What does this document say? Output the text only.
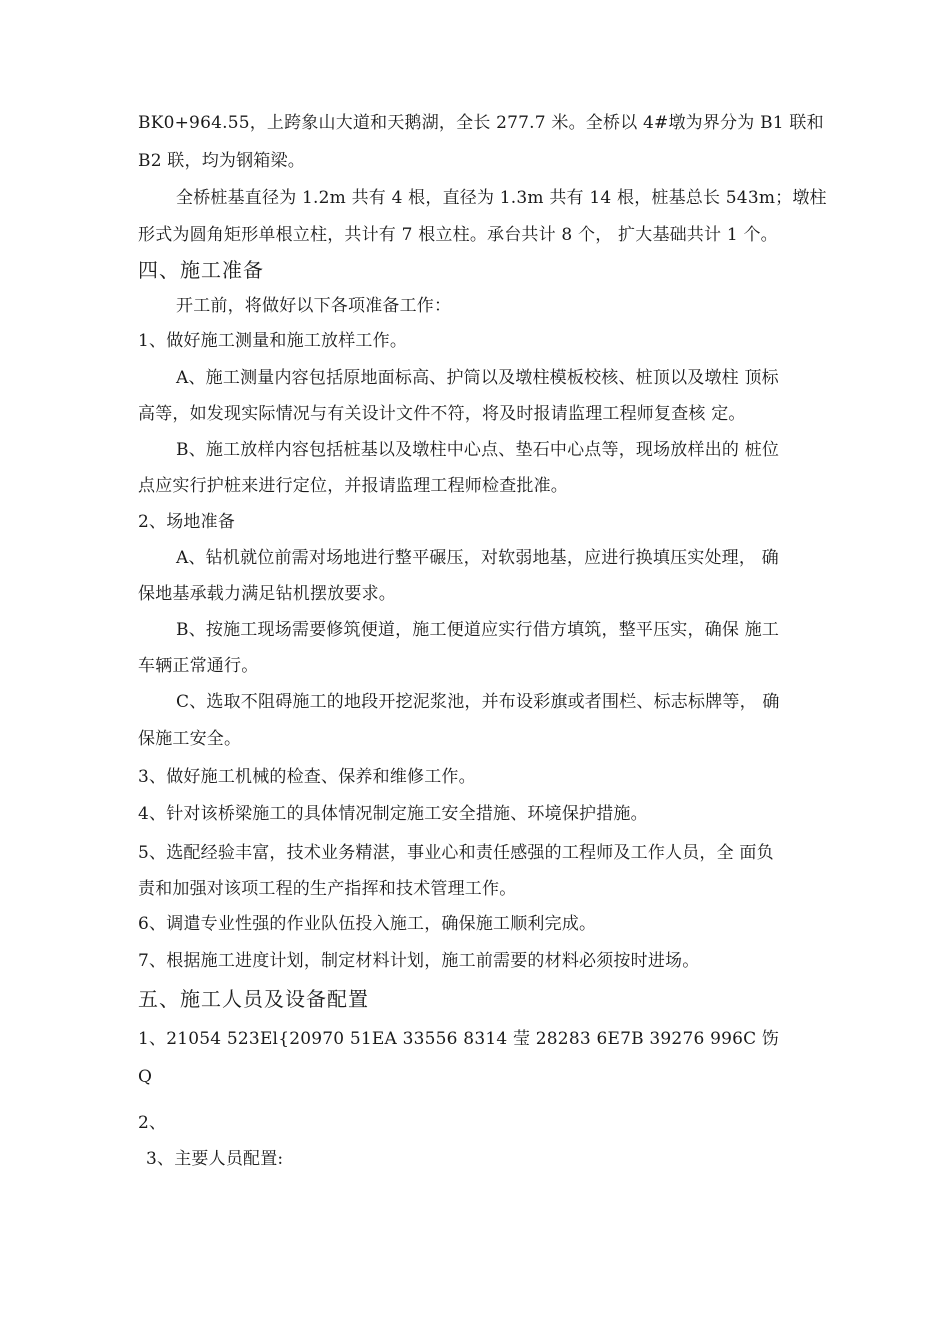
BK0+964.55，上跨象山大道和天鹅湖，全长 277.7 米。全桥以 4#墩为界分为 B1 联和
B2 联，均为钢箱梁。
全桥桩基直径为 1.2m 共有 4 根，直径为 1.3m 共有 14 根，桩基总长 543m；墩柱
形式为圆角矩形单根立柱，共计有 7 根立柱。承台共计 8 个， 扩大基础共计 1 个。
四、施工准备
开工前，将做好以下各项准备工作：
1、做好施工测量和施工放样工作。
A、施工测量内容包括原地面标高、护筒以及墩柱模板校核、桩顶以及墩柱 顶标
高等，如发现实际情况与有关设计文件不符，将及时报请监理工程师复查核 定。
B、施工放样内容包括桩基以及墩柱中心点、垫石中心点等，现场放样出的 桩位
点应实行护桩来进行定位，并报请监理工程师检查批准。
2、场地准备
A、钻机就位前需对场地进行整平碾压，对软弱地基，应进行换填压实处理， 确
保地基承载力满足钻机摆放要求。
B、按施工现场需要修筑便道，施工便道应实行借方填筑，整平压实，确保 施工
车辆正常通行。
C、选取不阻碍施工的地段开挖泥浆池，并布设彩旗或者围栏、标志标牌等， 确
保施工安全。
3、做好施工机械的检查、保养和维修工作。
4、针对该桥梁施工的具体情况制定施工安全措施、环境保护措施。
5、选配经验丰富，技术业务精湛，事业心和责任感强的工程师及工作人员，全 面负
责和加强对该项工程的生产指挥和技术管理工作。
6、调遣专业性强的作业队伍投入施工，确保施工顺利完成。
7、根据施工进度计划，制定材料计划，施工前需要的材料必须按时进场。
五、施工人员及设备配置
1、21054 523El{20970 51EA 33556 8314 莹 28283 6E7B 39276 996C 饬
Q
2、
3、主要人员配置:
